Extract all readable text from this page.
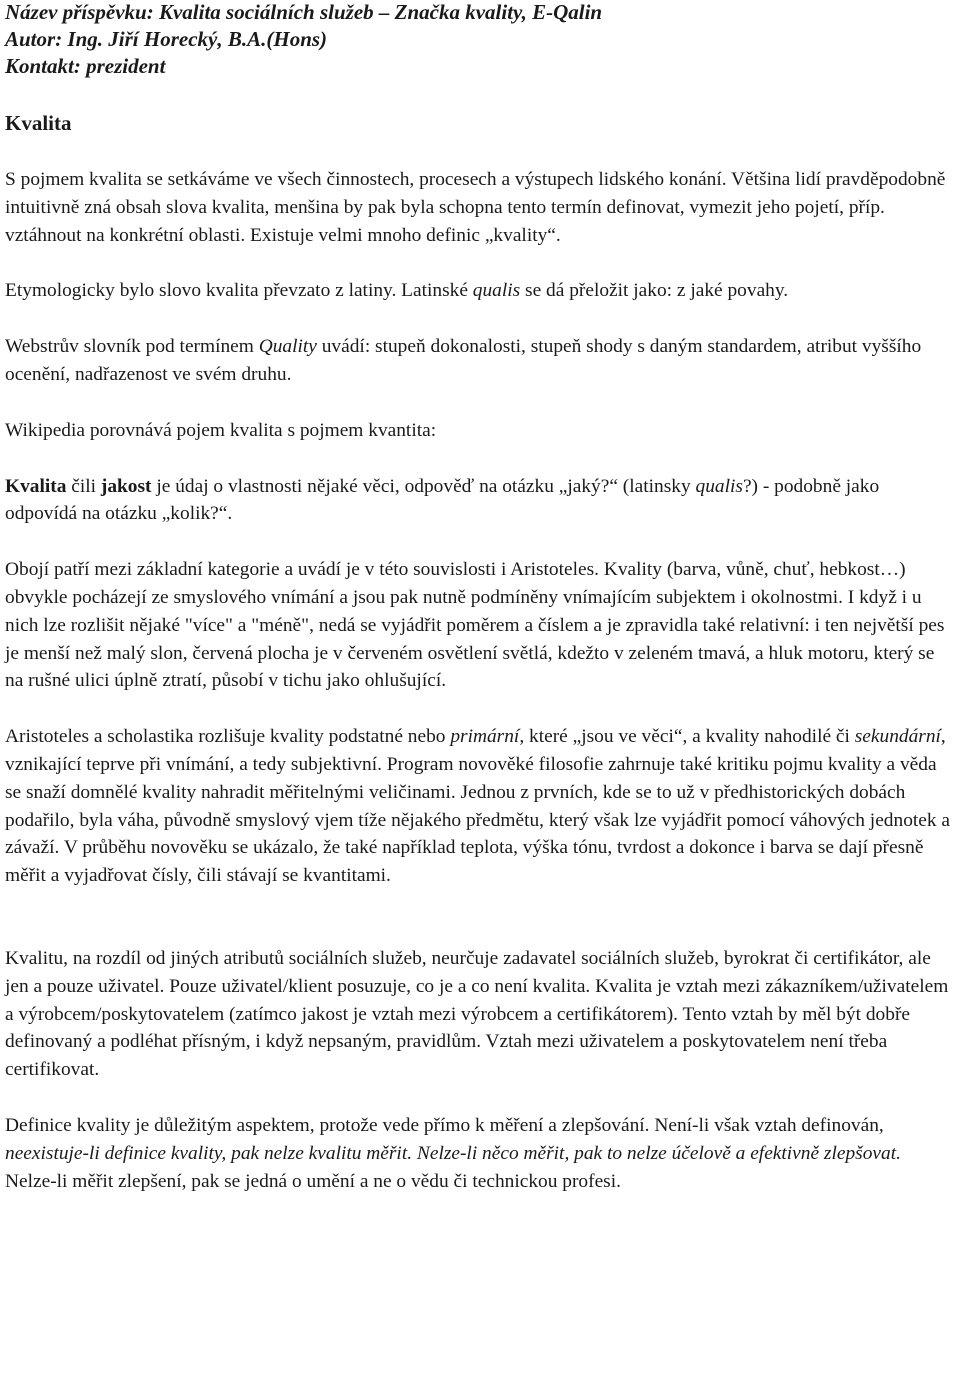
Název příspěvku: Kvalita sociálních služeb – Značka kvality, E-Qalin
Autor: Ing. Jiří Horecký, B.A.(Hons)
Kontakt: prezident
Kvalita

S pojmem kvalita se setkáváme ve všech činnostech, procesech a výstupech lidského konání. Většina lidí pravděpodobně intuitivně zná obsah slova kvalita, menšina by pak byla schopna tento termín definovat, vymezit jeho pojetí, příp. vztáhnout na konkrétní oblasti. Existuje velmi mnoho definic „kvality“.

Etymologicky bylo slovo kvalita převzato z latiny. Latinské qualis se dá přeložit jako: z jaké povahy.

Webstrův slovník pod termínem Quality uvádí: stupeň dokonalosti, stupeň shody s daným standardem, atribut vyššího ocenění, nadřazenost ve svém druhu.

Wikipedia porovnává pojem kvalita s pojmem kvantita:

Kvalita čili jakost je údaj o vlastnosti nějaké věci, odpověď na otázku „jaký?“ (latinsky qualis?) - podobně jako odpovídá na otázku „kolik?“.

Obojí patří mezi základní kategorie a uvádí je v této souvislosti i Aristoteles. Kvality (barva, vůně, chuť, hebkost…) obvykle pocházejí ze smyslového vnímání a jsou pak nutně podmíněny vnímajícím subjektem i okolnostmi. I když i u nich lze rozlišit nějaké "více" a "méně", nedá se vyjádřit poměrem a číslem a je zpravidla také relativní: i ten největší pes je menší než malý slon, červená plocha je v červeném osvětlení světlá, kdežto v zeleném tmavá, a hluk motoru, který se na rušné ulici úplně ztratí, působí v tichu jako ohlušující.

Aristoteles a scholastika rozlišuje kvality podstatné nebo primární, které „jsou ve věci“, a kvality nahodilé či sekundární, vznikající teprve při vnímání, a tedy subjektivní. Program novověké filosofie zahrnuje také kritiku pojmu kvality a věda se snaží domnělé kvality nahradit měřitelnými veličinami. Jednou z prvních, kde se to už v předhistorických dobách podařilo, byla váha, původně smyslový vjem tíže nějakého předmětu, který však lze vyjádřit pomocí váhových jednotek a závaží. V průběhu novověku se ukázalo, že také například teplota, výška tónu, tvrdost a dokonce i barva se dají přesně měřit a vyjadřovat čísly, čili stávají se kvantitami.

Kvalitu, na rozdíl od jiných atributů sociálních služeb, neurčuje zadavatel sociálních služeb, byrokrat či certifikátor, ale jen a pouze uživatel. Pouze uživatel/klient posuzuje, co je a co není kvalita. Kvalita je vztah mezi zákazníkem/uživatelem a výrobcem/poskytovatelem (zatímco jakost je vztah mezi výrobcem a certifikátorem). Tento vztah by měl být dobře definovaný a podléhat přísným, i když nepsaným, pravidlům. Vztah mezi uživatelem a poskytovatelem není třeba certifikovat.

Definice kvality je důležitým aspektem, protože vede přímo k měření a zlepšování. Není-li však vztah definován, neexistuje-li definice kvality, pak nelze kvalitu měřit. Nelze-li něco měřit, pak to nelze účelově a efektivně zlepšovat. Nelze-li měřit zlepšení, pak se jedná o umění a ne o vědu či technickou profesi.
